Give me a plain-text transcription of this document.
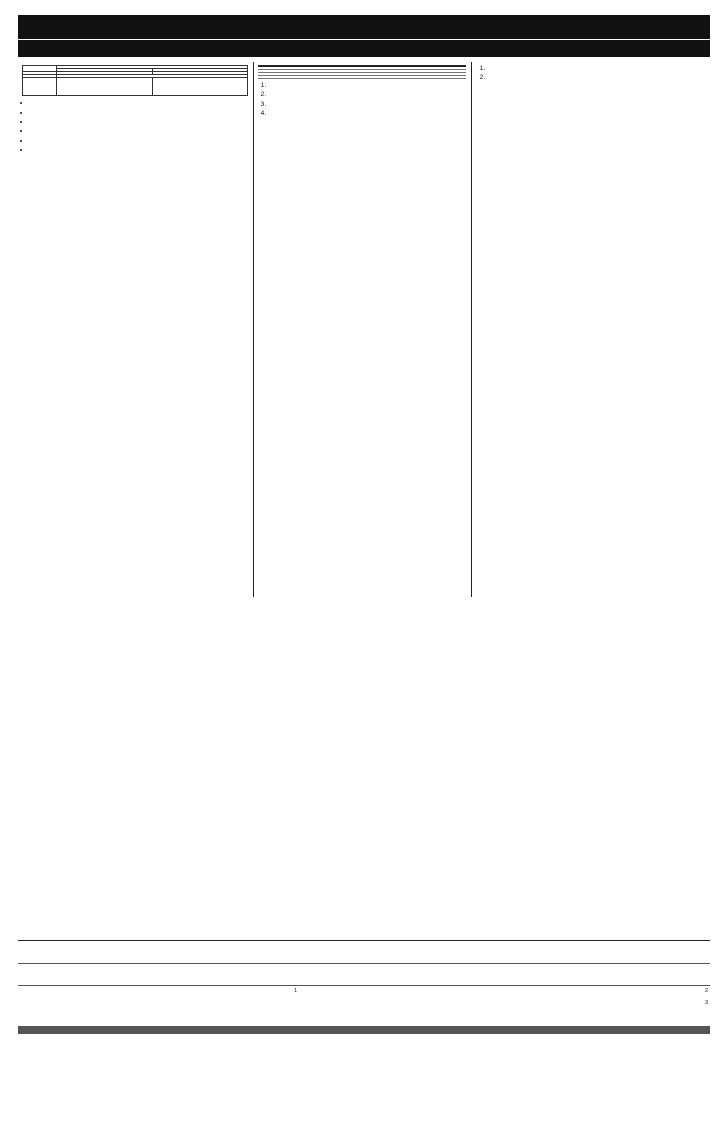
•
•
•
•
•
•

1.
2.
3.
4.

1.
2.

	$^1$	$^2$
$^3$
